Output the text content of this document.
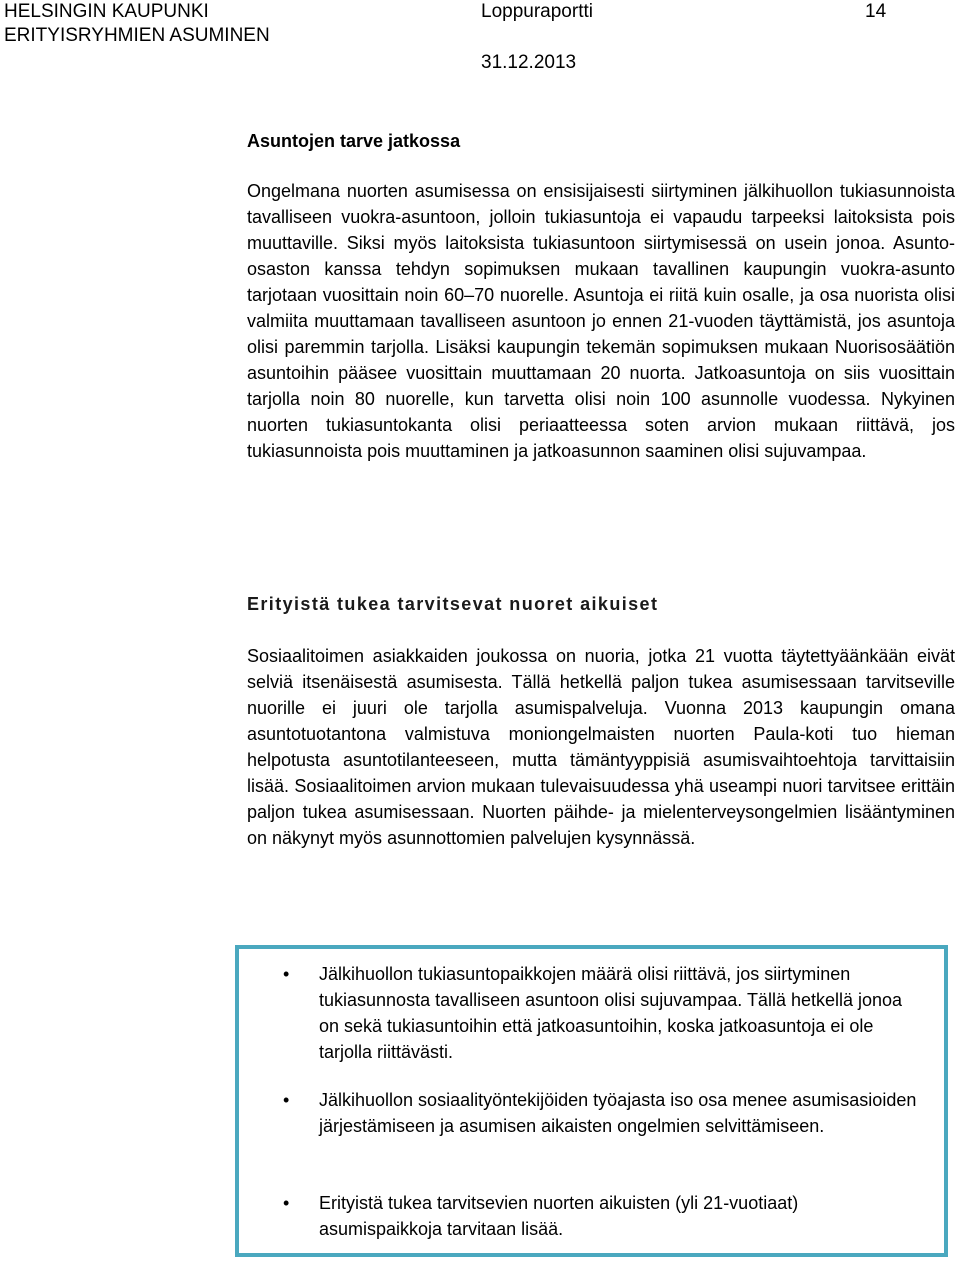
HELSINGIN KAUPUNKI
ERITYISRYHMIEN ASUMINEN
Loppuraportti
31.12.2013
14
Asuntojen tarve jatkossa

Ongelmana nuorten asumisessa on ensisijaisesti siirtyminen jälkihuollon tukiasunnoista tavalliseen vuokra-asuntoon, jolloin tukiasuntoja ei vapaudu tarpeeksi laitoksista pois muuttaville. Siksi myös laitoksista tukiasuntoon siirtymisessä on usein jonoa. Asunto-osaston kanssa tehdyn sopimuksen mukaan tavallinen kaupungin vuokra-asunto tarjotaan vuosittain noin 60–70 nuorelle. Asuntoja ei riitä kuin osalle, ja osa nuorista olisi valmiita muuttamaan tavalliseen asuntoon jo ennen 21-vuoden täyttämistä, jos asuntoja olisi paremmin tarjolla. Lisäksi kaupungin tekemän sopimuksen mukaan Nuorisosäätiön asuntoihin pääsee vuosittain muuttamaan 20 nuorta. Jatkoasuntoja on siis vuosittain tarjolla noin 80 nuorelle, kun tarvetta olisi noin 100 asunnolle vuodessa. Nykyinen nuorten tukiasuntokanta olisi periaatteessa soten arvion mukaan riittävä, jos tukiasunnoista pois muuttaminen ja jatkoasunnon saaminen olisi sujuvampaa.

Erityistä tukea tarvitsevat nuoret aikuiset

Sosiaalitoimen asiakkaiden joukossa on nuoria, jotka 21 vuotta täytettyäänkään eivät selviä itsenäisestä asumisesta. Tällä hetkellä paljon tukea asumisessaan tarvitseville nuorille ei juuri ole tarjolla asumispalveluja. Vuonna 2013 kaupungin omana asuntotuotantona valmistuva moniongelmaisten nuorten Paula-koti tuo hieman helpotusta asuntotilanteeseen, mutta tämäntyyppisiä asumisvaihtoehtoja tarvittaisiin lisää. Sosiaalitoimen arvion mukaan tulevaisuudessa yhä useampi nuori tarvitsee erittäin paljon tukea asumisessaan. Nuorten päihde- ja mielenterveysongelmien lisääntyminen on näkynyt myös asunnottomien palvelujen kysynnässä.

• Jälkihuollon tukiasuntopaikkojen määrä olisi riittävä, jos siirtyminen tukiasunnosta tavalliseen asuntoon olisi sujuvampaa. Tällä hetkellä jonoa on sekä tukiasuntoihin että jatkoasuntoihin, koska jatkoasuntoja ei ole tarjolla riittävästi.
• Jälkihuollon sosiaalityöntekijöiden työajasta iso osa menee asumisasioiden järjestämiseen ja asumisen aikaisten ongelmien selvittämiseen.
• Erityistä tukea tarvitsevien nuorten aikuisten (yli 21-vuotiaat) asumispaikkoja tarvitaan lisää.
